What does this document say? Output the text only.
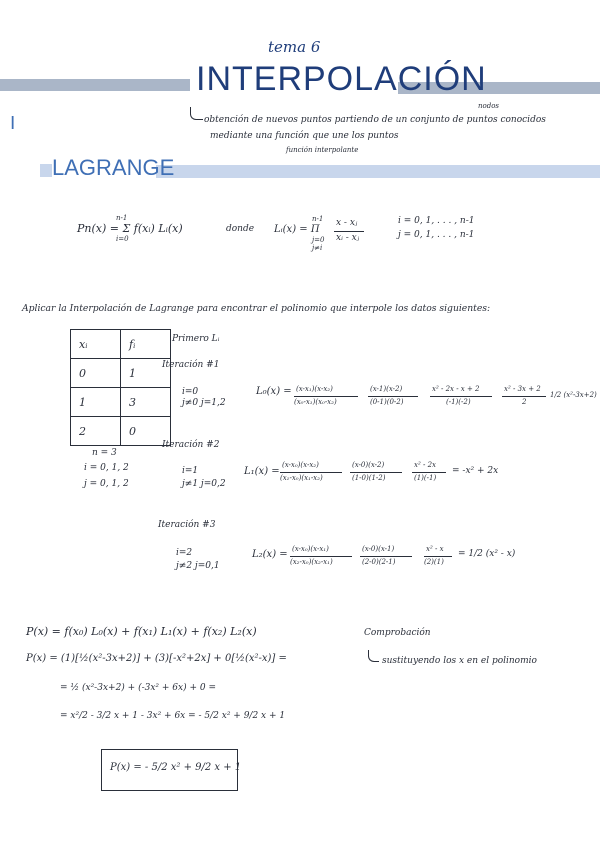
tema 6
INTERPOLACIÓN
I
nodos
obtención de nuevos puntos partiendo de un conjunto de puntos conocidos
mediante una función que une los puntos
función interpolante
LAGRANGE
Pn(x) = Σ f(xᵢ) Lᵢ(x)
n-1
i=0
donde Lᵢ(x) = Π
n-1
j=0
j≠i
x - xⱼ
xᵢ - xⱼ
i = 0, 1, . . . , n-1
j = 0, 1, . . . , n-1
Aplicar la Interpolación de Lagrange para encontrar el polinomio que interpole los datos siguientes:
xᵢ	fᵢ
0	1
1	3
2	0
n = 3
i = 0, 1, 2
j = 0, 1, 2
Primero Lᵢ
Iteración #1
i=0
j≠0 j=1,2
L₀(x) = (x-x₁)(x-x₂)
(x₀-x₁)(x₀-x₂)
(x-1)(x-2)
(0-1)(0-2)
x² - 2x - x + 2
(-1)(-2)
x² - 3x + 2
2
1/2 (x²-3x+2)
Iteración #2
i=1
j≠1 j=0,2
L₁(x) =
(x-x₀)(x-x₂)
(x₁-x₀)(x₁-x₂)
(x-0)(x-2)
(1-0)(1-2)
x² - 2x
(1)(-1)
= -x² + 2x
Iteración #3
i=2
j≠2 j=0,1
L₂(x) = (x-x₀)(x-x₁)
(x₂-x₀)(x₂-x₁)
(x-0)(x-1)
(2-0)(2-1)
x² - x
(2)(1)
= 1/2 (x² - x)
P(x) = f(x₀) L₀(x) + f(x₁) L₁(x) + f(x₂) L₂(x)
P(x) = (1)[½(x²-3x+2)] + (3)[-x²+2x] + 0[½(x²-x)] =
= ½ (x²-3x+2) + (-3x² + 6x) + 0 =
= x²/2 - 3/2 x + 1 - 3x² + 6x = - 5/2 x² + 9/2 x + 1
Comprobación
sustituyendo los x en el polinomio
P(x) = - 5/2 x² + 9/2 x + 1
